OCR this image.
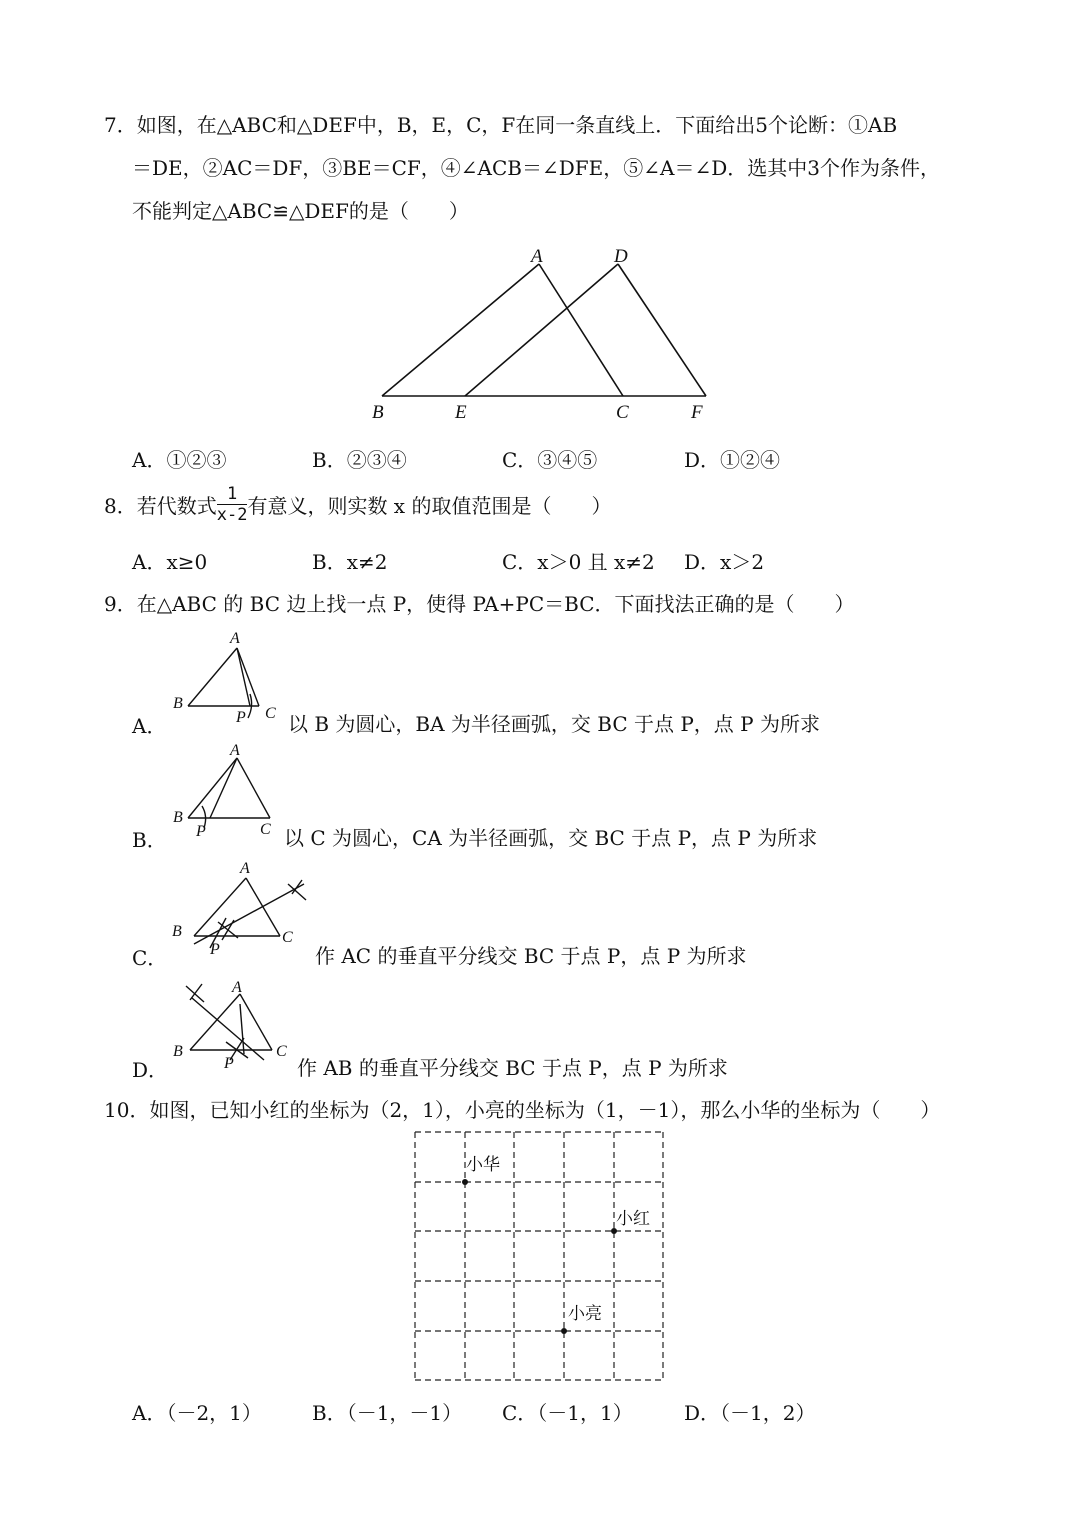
7．如图，在△ABC和△DEF中，B，E，C，F在同一条直线上．下面给出5个论断：①AB
＝DE，②AC＝DF，③BE＝CF，④∠ACB＝∠DFE，⑤∠A＝∠D．选其中3个作为条件，
不能判定△ABC≌△DEF的是（　　）
A	D
B	E	C	F
A．①②③	B．②③④	C．③④⑤	D．①②④
8．若代数式 $\frac{1}{x-2}$ 有意义，则实数 x 的取值范围是（　　）
A．x≥0	B．x≠2	C．x＞0 且 x≠2 D．x＞2
9．在△ABC 的 BC 边上找一点 P，使得 PA+PC＝BC．下面找法正确的是（　　）
A
B
P C
A．	以 B 为圆心，BA 为半径画弧，交 BC 于点 P，点 P 为所求
A
B
P	C
B．	以 C 为圆心，CA 为半径画弧，交 BC 于点 P，点 P 为所求
A
B
P
C
C．	作 AC 的垂直平分线交 BC 于点 P，点 P 为所求
A
B
P
C
D．	作 AB 的垂直平分线交 BC 于点 P，点 P 为所求
10．如图，已知小红的坐标为（2，1），小亮的坐标为（1，－1），那么小华的坐标为（　　）
小华
小红
小亮
A．（－2，1）	B．（－1，－1） C．（－1，1）	D．（－1，2）
